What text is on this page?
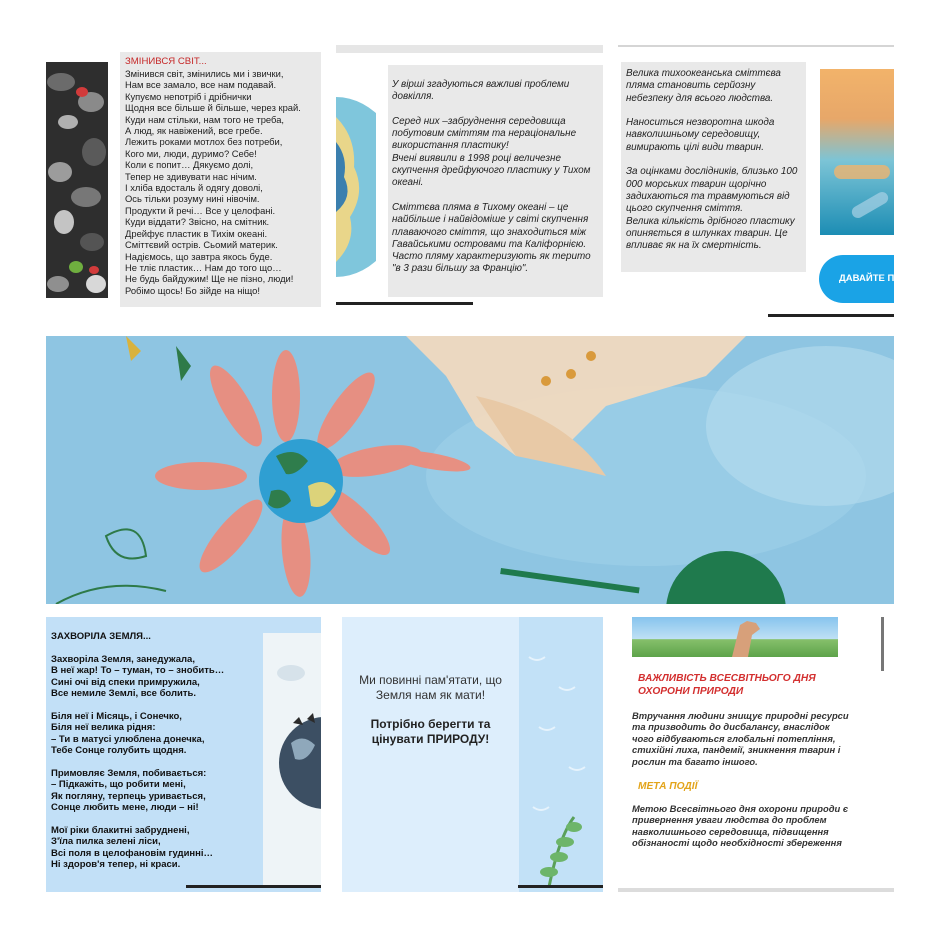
ЗМІНИВСЯ СВІТ...
Змінився світ, змінились ми і звички,
Нам все замало, все нам подавай.
Купуємо непотріб і дрібнички
Щодня все більше й більше, через край.
Куди нам стільки, нам того не треба,
А люд, як навіжений, все гребе.
Лежить роками мотлох без потреби,
Кого ми, люди, дуримо? Себе!
Коли є попит… Дякуємо долі,
Тепер не здивувати нас нічим.
І хліба вдосталь й одягу доволі,
Ось тільки розуму нині нівочім.
Продукти й речі… Все у целофані.
Куди віддати? Звісно, на смітник.
Дрейфує пластик в Тихім океані.
Сміттєвий острів. Сьомий материк.
Надіємось, що завтра якось буде.
Не тліє пластик… Нам до того що…
Не будь байдужим! Ще не пізно, люди!
Робімо щось! Бо зійде на нiщо!
У вірші згадуються важливі проблеми
довкілля.

Серед них –забруднення середовища
побутовим сміттям та нераціональне
використання пластику!
Вчені виявили в 1998 році величезне
скупчення дрейфуючого пластику у Тихом
океані.

Сміттєва пляма в Тихому океані – це
найбільше і найвідоміше у світі скупчення
плаваючого сміття, що знаходиться між
Гавайськими островами та Каліфорнією.
Часто пляму характеризують як терито
"в 3 рази більшу за Францію".
Велика тихоокеанська сміттєва
пляма становить серйозну
небезпеку для всього людства.

Наноситься незворотна шкода
навколишньому середовищу,
вимирають цілі види тварин.

За оцінками дослідників, близько 100
000 морських тварин щорічно
задихаються та травмуються від
цього скупчення сміття.
Велика кількість дрібного пластику
опиняється в шлунках тварин. Це
впливає як на їх смертність.
ДАВАЙТЕ П
ЗАХВОРІЛА ЗЕМЛЯ...

Захворіла Земля, занедужала,
В неї жар! То – туман, то – знобить…
Сині очі від спеки примружила,
Все немиле Землі, все болить.

Біля неї і Місяць, і Сонечко,
Біля неї велика рідня:
– Ти в матусі улюблена донечка,
Тебе Сонце голубить щодня.

Примовляє Земля, побивається:
– Підкажіть, що робити мені,
Як погляну, терпець уривається,
Сонце любить мене, люди – ні!

Мої ріки блакитні забруднені,
З'їла пилка зелені ліси,
Всі поля в целофановім гудинні…
Ні здоров'я тепер, ні краси.
Ми повинні пам'ятати, що
Земля нам як мати!
Потрібно берегти та
цінувати ПРИРОДУ!
ВАЖЛИВІСТЬ ВСЕСВІТНЬОГО ДНЯ
ОХОРОНИ ПРИРОДИ
Втручання людини знищує природні ресурси
та призводить до дисбалансу, внаслідок
чого відбуваються глобальні потепління,
стихійні лиха, пандемії, зникнення тварин і
рослин та багато іншого.
МЕТА ПОДІЇ
Метою Всесвітнього дня охорони природи є
привернення уваги людства до проблем
навколишнього середовища, підвищення
обізнаності щодо необхідності збереження
